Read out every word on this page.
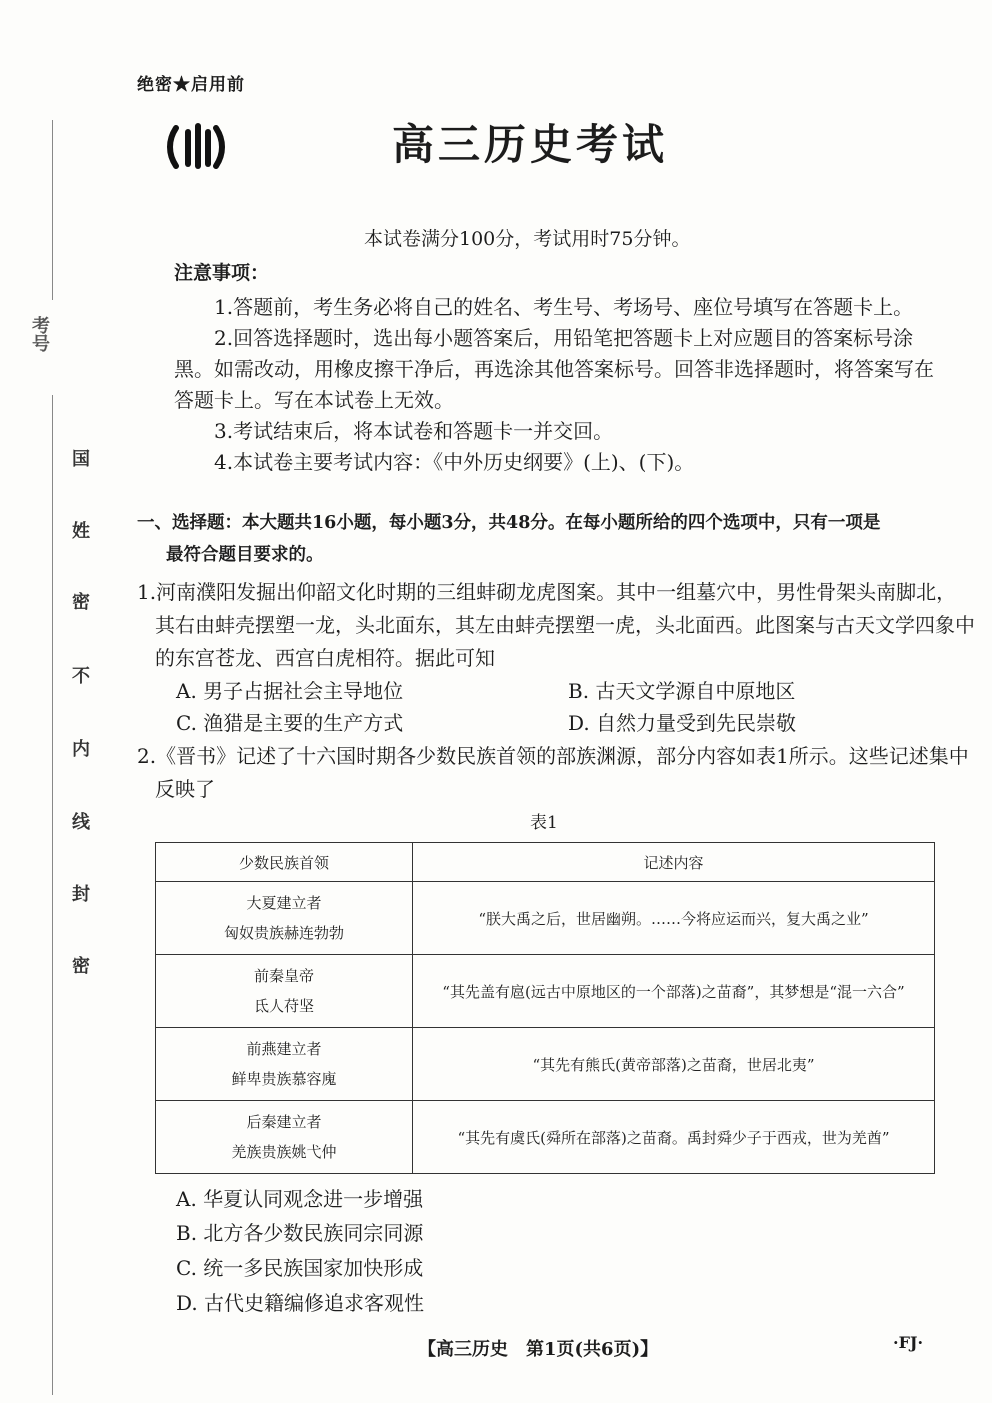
考号
国
姓
密
不
内
线
封
密
绝密★启用前
高三历史考试
本试卷满分100分，考试用时75分钟。
注意事项：
1.答题前，考生务必将自己的姓名、考生号、考场号、座位号填写在答题卡上。
2.回答选择题时，选出每小题答案后，用铅笔把答题卡上对应题目的答案标号涂
黑。如需改动，用橡皮擦干净后，再选涂其他答案标号。回答非选择题时，将答案写在
答题卡上。写在本试卷上无效。
3.考试结束后，将本试卷和答题卡一并交回。
4.本试卷主要考试内容：《中外历史纲要》(上)、(下)。
一、选择题：本大题共16小题，每小题3分，共48分。在每小题所给的四个选项中，只有一项是
最符合题目要求的。
1.河南濮阳发掘出仰韶文化时期的三组蚌砌龙虎图案。其中一组墓穴中，男性骨架头南脚北，
其右由蚌壳摆塑一龙，头北面东，其左由蚌壳摆塑一虎，头北面西。此图案与古天文学四象中
的东宫苍龙、西宫白虎相符。据此可知
A. 男子占据社会主导地位	B. 古天文学源自中原地区
C. 渔猎是主要的生产方式	D. 自然力量受到先民崇敬
2.《晋书》记述了十六国时期各少数民族首领的部族渊源，部分内容如表1所示。这些记述集中
反映了
表1
少数民族首领	记述内容
大夏建立者
匈奴贵族赫连勃勃	“朕大禹之后，世居幽朔。……今将应运而兴，复大禹之业”
前秦皇帝
氐人苻坚	“其先盖有扈(远古中原地区的一个部落)之苗裔”，其梦想是“混一六合”
前燕建立者
鲜卑贵族慕容廆	“其先有熊氏(黄帝部落)之苗裔，世居北夷”
后秦建立者
羌族贵族姚弋仲	“其先有虞氏(舜所在部落)之苗裔。禹封舜少子于西戎，世为羌酋”
A. 华夏认同观念进一步增强
B. 北方各少数民族同宗同源
C. 统一多民族国家加快形成
D. 古代史籍编修追求客观性
【高三历史　第1页(共6页)】	·FJ·
